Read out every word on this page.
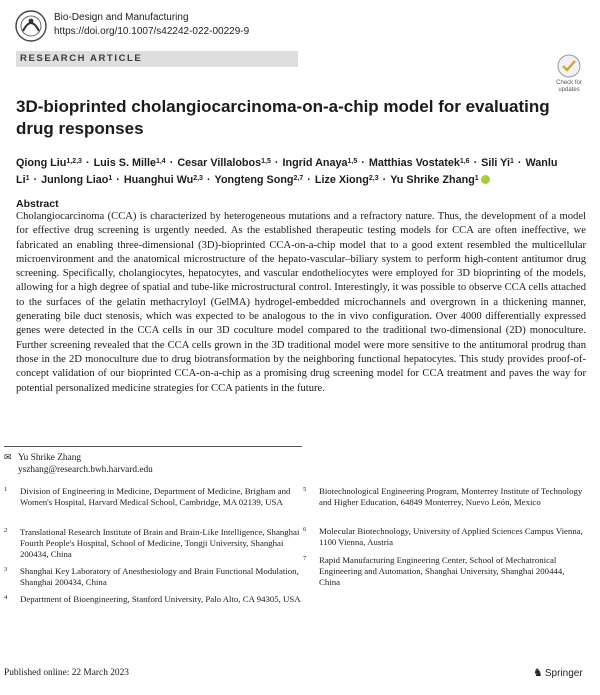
Bio-Design and Manufacturing
https://doi.org/10.1007/s42242-022-00229-9
RESEARCH ARTICLE
Check for
updates
3D-bioprinted cholangiocarcinoma-on-a-chip model for evaluating
drug responses
Qiong Liu$^{1,2,3}$ · Luis S. Mille$^{1,4}$ · Cesar Villalobos$^{1,5}$ · Ingrid Anaya$^{1,5}$ · Matthias Vostatek$^{1,6}$ · Sili $Yi^1$ · Wanlu $Li^1$ · Junlong Liao$^1$ · Huanghui Wu$^{2,3}$ · Yongteng Song$^{2,7}$ · Lize Xiong$^{2,3}$ · Yu Shrike Zhang$^1$
Abstract

Cholangiocarcinoma (CCA) is characterized by heterogeneous mutations and a refractory nature. Thus, the development of a model for effective drug screening is urgently needed. As the established therapeutic testing models for CCA are often ineffective, we fabricated an enabling three-dimensional (3D)-bioprinted CCA-on-a-chip model that to a good extent resembled the multicellular microenvironment and the anatomical microstructure of the hepato-vascular–biliary system to perform high-content antitumor drug screening. Specifically, cholangiocytes, hepatocytes, and vascular endotheliocytes were employed for 3D bioprinting of the models, allowing for a high degree of spatial and tube-like microstructural control. Interestingly, it was possible to observe CCA cells attached to the surfaces of the gelatin methacryloyl (GelMA) hydrogel-embedded microchannels and overgrown in a thickening manner, generating bile duct stenosis, which was expected to be analogous to the in vivo configuration. Over 4000 differentially expressed genes were detected in the CCA cells in our 3D coculture model compared to the traditional two-dimensional (2D) monoculture. Further screening revealed that the CCA cells grown in the 3D traditional model were more sensitive to the antitumoral prodrug than those in the 2D monoculture due to drug biotransformation by the neighboring functional hepatocytes. This study provides proof-of-concept validation of our bioprinted CCA-on-a-chip as a promising drug screening model for CCA treatment and paves the way for potential personalized medicine strategies for CCA patients in the future.

✉ Yu Shrike Zhang
yszhang@research.bwh.harvard.edu
1 Division of Engineering in Medicine, Department of Medicine, Brigham and Women's Hospital, Harvard Medical School, Cambridge, MA 02139, USA
2 Translational Research Institute of Brain and Brain-Like Intelligence, Shanghai Fourth People's Hospital, School of Medicine, Tongji University, Shanghai 200434, China
3 Shanghai Key Laboratory of Anesthesiology and Brain Functional Modulation, Shanghai 200434, China
4 Department of Bioengineering, Stanford University, Palo Alto, CA 94305, USA
5 Biotechnological Engineering Program, Monterrey Institute of Technology and Higher Education, 64849 Monterrey, Nuevo León, Mexico
6 Molecular Biotechnology, University of Applied Sciences Campus Vienna, 1100 Vienna, Austria
7 Rapid Manufacturing Engineering Center, School of Mechatronical Engineering and Automation, Shanghai University, Shanghai 200444, China
Published online: 22 March 2023	♞ Springer
